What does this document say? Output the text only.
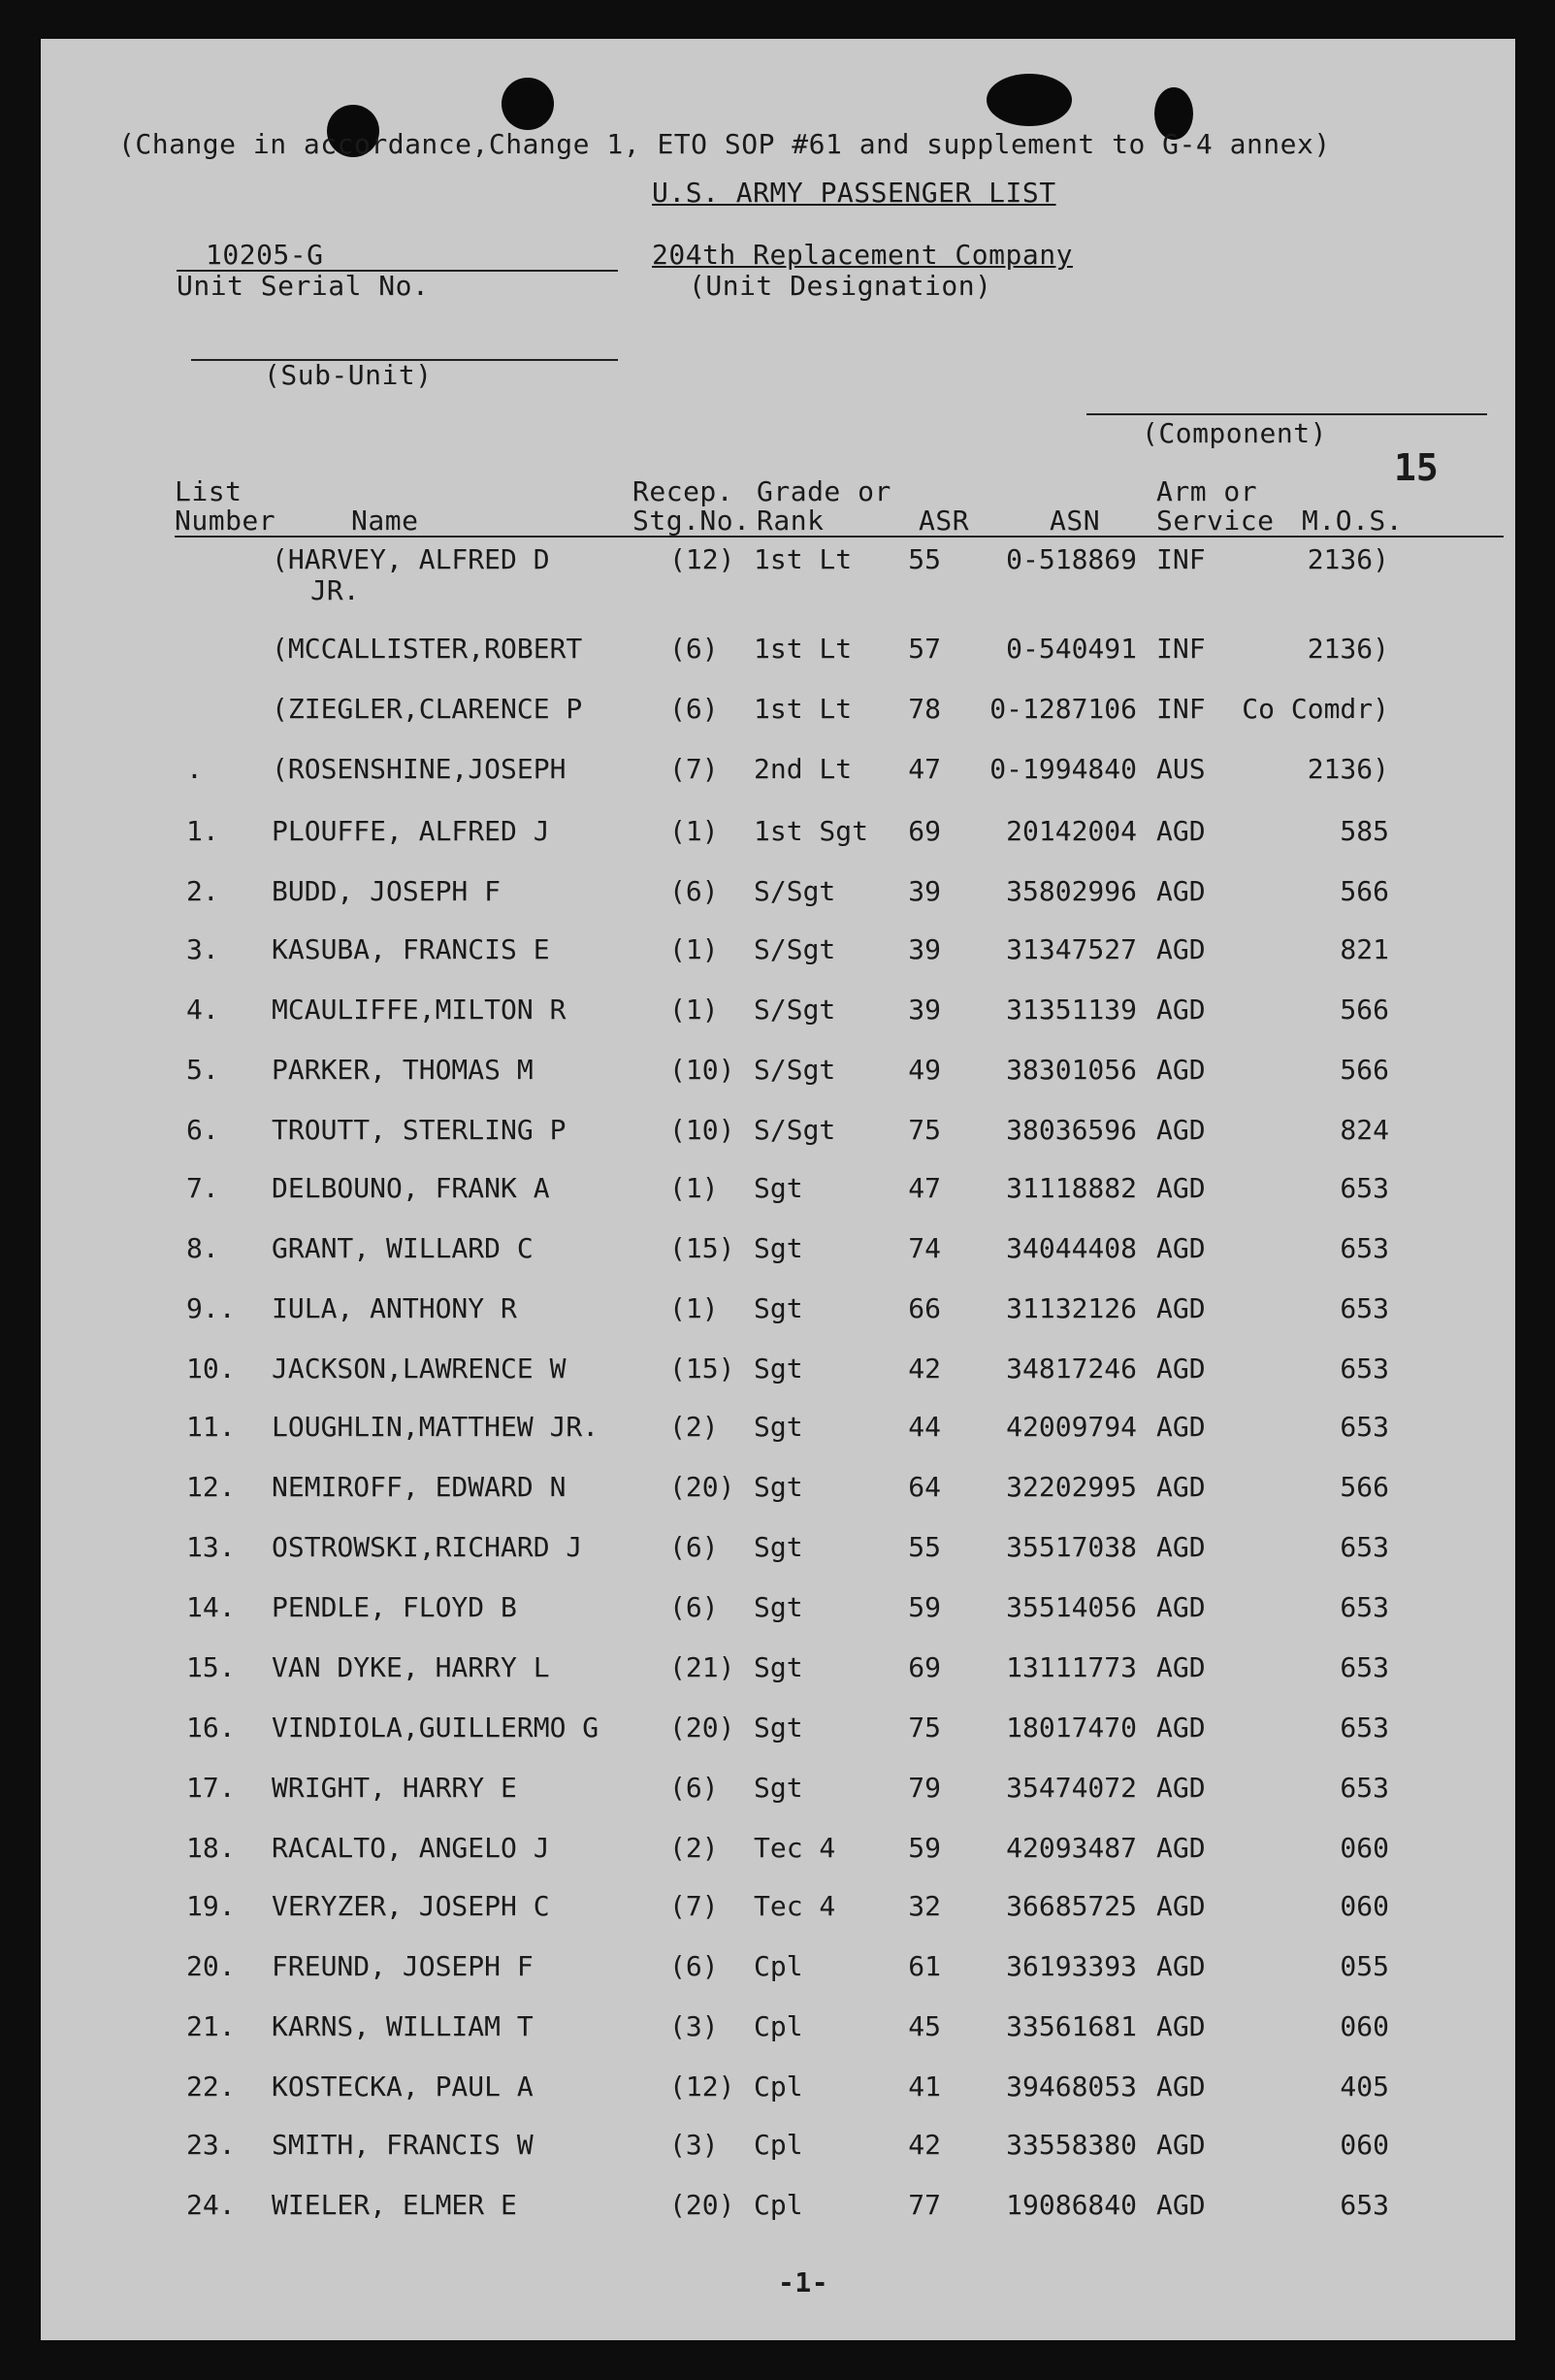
(Change in accordance,Change 1, ETO SOP #61 and supplement to G-4 annex)
U.S. ARMY PASSENGER LIST
10205-G
Unit Serial No.
204th Replacement Company
(Unit Designation)
(Sub-Unit)
(Component)
15
List
Number	Name
Recep.
Stg.No.
Grade or
Rank	ASR	ASN
Arm or
Service M.O.S.
(HARVEY, ALFRED D	(12) 1st Lt	55	0-518869 INF	2136)
JR.
(MCCALLISTER,ROBERT	(6) 1st Lt	57	0-540491 INF	2136)
(ZIEGLER,CLARENCE P	(6) 1st Lt	78	0-1287106 INF	Co Comdr)
.	(ROSENSHINE,JOSEPH	(7) 2nd Lt	47	0-1994840 AUS	2136)
1. PLOUFFE, ALFRED J	(1) 1st Sgt	69	20142004 AGD	585
2. BUDD, JOSEPH F	(6) S/Sgt	39	35802996 AGD	566
3. KASUBA, FRANCIS E	(1) S/Sgt	39	31347527 AGD	821
4. MCAULIFFE,MILTON R	(1) S/Sgt	39	31351139 AGD	566
5. PARKER, THOMAS M	(10) S/Sgt	49	38301056 AGD	566
6. TROUTT, STERLING P	(10) S/Sgt	75	38036596 AGD	824
7. DELBOUNO, FRANK A	(1) Sgt	47	31118882 AGD	653
8. GRANT, WILLARD C	(15) Sgt	74	34044408 AGD	653
9.. IULA, ANTHONY R	(1) Sgt	66	31132126 AGD	653
10. JACKSON,LAWRENCE W	(15) Sgt	42	34817246 AGD	653
11. LOUGHLIN,MATTHEW JR.	(2) Sgt	44	42009794 AGD	653
12. NEMIROFF, EDWARD N	(20) Sgt	64	32202995 AGD	566
13. OSTROWSKI,RICHARD J	(6) Sgt	55	35517038 AGD	653
14. PENDLE, FLOYD B	(6) Sgt	59	35514056 AGD	653
15. VAN DYKE, HARRY L	(21) Sgt	69	13111773 AGD	653
16. VINDIOLA,GUILLERMO G	(20) Sgt	75	18017470 AGD	653
17. WRIGHT, HARRY E	(6) Sgt	79	35474072 AGD	653
18. RACALTO, ANGELO J	(2) Tec 4	59	42093487 AGD	060
19. VERYZER, JOSEPH C	(7) Tec 4	32	36685725 AGD	060
20. FREUND, JOSEPH F	(6) Cpl	61	36193393 AGD	055
21. KARNS, WILLIAM T	(3) Cpl	45	33561681 AGD	060
22. KOSTECKA, PAUL A	(12) Cpl	41	39468053 AGD	405
23. SMITH, FRANCIS W	(3) Cpl	42	33558380 AGD	060
24. WIELER, ELMER E	(20) Cpl	77	19086840 AGD	653
-1-
